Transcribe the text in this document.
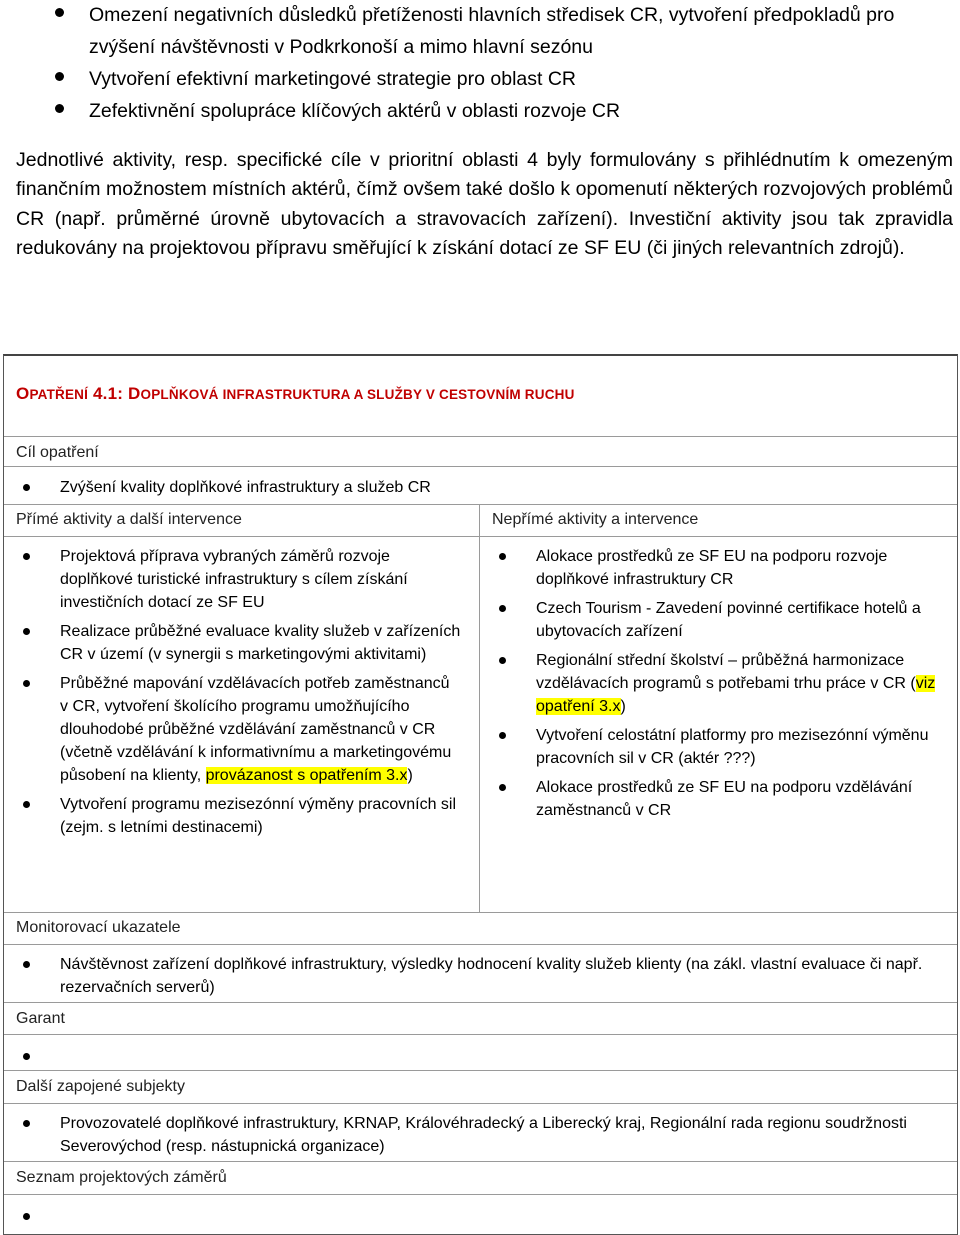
Omezení negativních důsledků přetíženosti hlavních středisek CR, vytvoření předpokladů pro zvýšení návštěvnosti v Podkrkonoší a mimo hlavní sezónu
Vytvoření efektivní marketingové strategie pro oblast CR
Zefektivnění spolupráce klíčových aktérů v oblasti rozvoje CR

Jednotlivé aktivity, resp. specifické cíle v prioritní oblasti 4 byly formulovány s přihlédnutím k omezeným finančním možnostem místních aktérů, čímž ovšem také došlo k opomenutí některých rozvojových problémů CR (např. průměrné úrovně ubytovacích a stravovacích zařízení). Investiční aktivity jsou tak zpravidla redukovány na projektovou přípravu směřující k získání dotací ze SF EU (či jiných relevantních zdrojů).

OPATŘENÍ 4.1: DOPLŇKOVÁ INFRASTRUKTURA A SLUŽBY V CESTOVNÍM RUCHU
Cíl opatření
Zvýšení kvality doplňkové infrastruktury a služeb CR
Přímé aktivity a další intervence	Nepřímé aktivity a intervence
Projektová příprava vybraných záměrů rozvoje doplňkové turistické infrastruktury s cílem získání investičních dotací ze SF EU
Realizace průběžné evaluace kvality služeb v zařízeních CR v území (v synergii s marketingovými aktivitami)
Průběžné mapování vzdělávacích potřeb zaměstnanců v CR, vytvoření školícího programu umožňujícího dlouhodobé průběžné vzdělávání zaměstnanců v CR (včetně vzdělávání k informativnímu a marketingovému působení na klienty, provázanost s opatřením 3.x)
Vytvoření programu mezisezónní výměny pracovních sil (zejm. s letními destinacemi)
Alokace prostředků ze SF EU na podporu rozvoje doplňkové infrastruktury CR
Czech Tourism - Zavedení povinné certifikace hotelů a ubytovacích zařízení
Regionální střední školství – průběžná harmonizace vzdělávacích programů s potřebami trhu práce v CR (viz opatření 3.x)
Vytvoření celostátní platformy pro mezisezónní výměnu pracovních sil v CR (aktér ???)
Alokace prostředků ze SF EU na podporu vzdělávání zaměstnanců v CR
Monitorovací ukazatele
Návštěvnost zařízení doplňkové infrastruktury, výsledky hodnocení kvality služeb klienty (na zákl. vlastní evaluace či např. rezervačních serverů)
Garant
Další zapojené subjekty
Provozovatelé doplňkové infrastruktury, KRNAP, Královéhradecký a Liberecký kraj, Regionální rada regionu soudržnosti Severovýchod (resp. nástupnická organizace)
Seznam projektových záměrů
